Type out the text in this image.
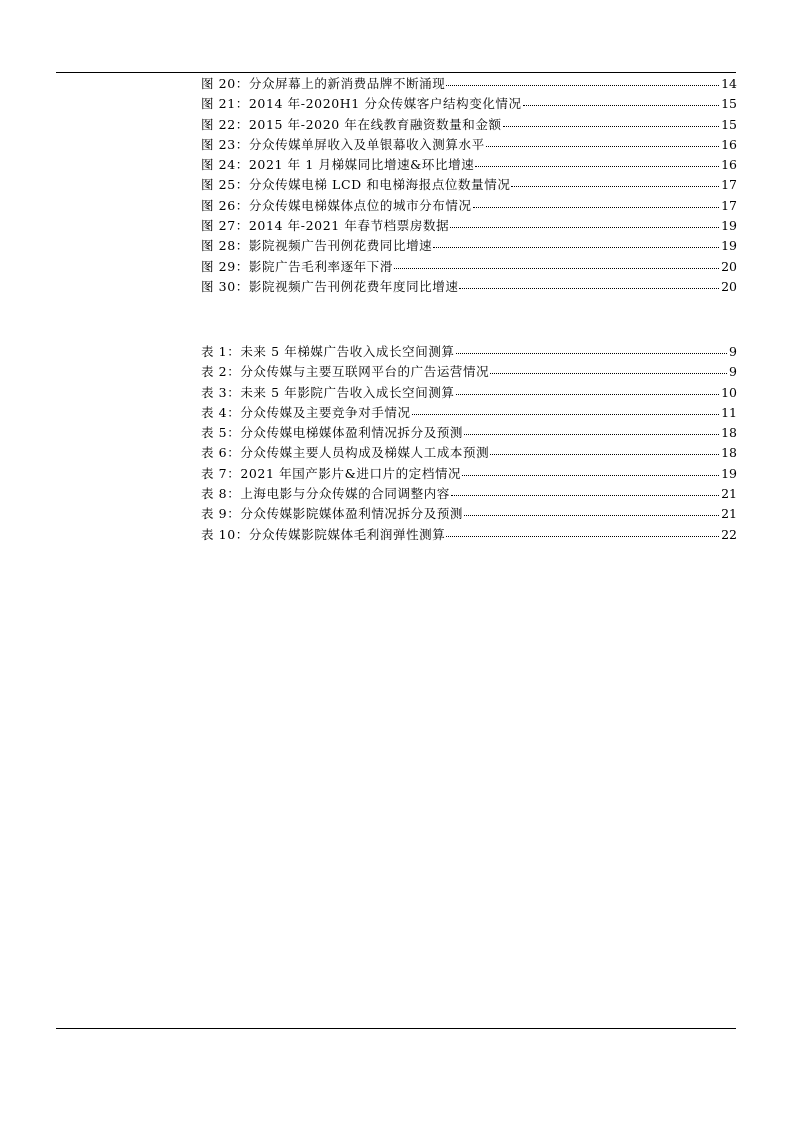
图 20：分众屏幕上的新消费品牌不断涌现	14
图 21：2014 年-2020H1 分众传媒客户结构变化情况	15
图 22：2015 年-2020 年在线教育融资数量和金额	15
图 23：分众传媒单屏收入及单银幕收入测算水平	16
图 24：2021 年 1 月梯媒同比增速&环比增速	16
图 25：分众传媒电梯 LCD 和电梯海报点位数量情况	17
图 26：分众传媒电梯媒体点位的城市分布情况	17
图 27：2014 年-2021 年春节档票房数据	19
图 28：影院视频广告刊例花费同比增速	19
图 29：影院广告毛利率逐年下滑	20
图 30：影院视频广告刊例花费年度同比增速	20
表 1：未来 5 年梯媒广告收入成长空间测算	9
表 2：分众传媒与主要互联网平台的广告运营情况	9
表 3：未来 5 年影院广告收入成长空间测算	10
表 4：分众传媒及主要竞争对手情况	11
表 5：分众传媒电梯媒体盈利情况拆分及预测	18
表 6：分众传媒主要人员构成及梯媒人工成本预测	18
表 7：2021 年国产影片&进口片的定档情况	19
表 8：上海电影与分众传媒的合同调整内容	21
表 9：分众传媒影院媒体盈利情况拆分及预测	21
表 10：分众传媒影院媒体毛利润弹性测算	22
